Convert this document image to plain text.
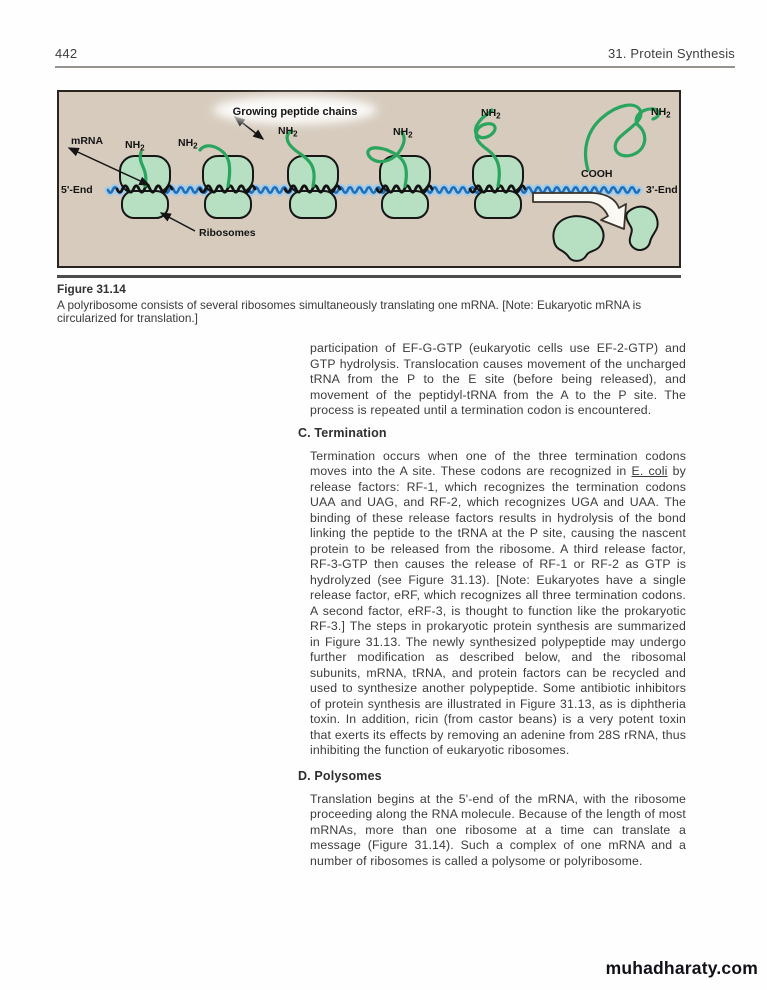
442	31. Protein Synthesis
Growing peptide chains
mRNA
5'-End	3'-End
Ribosomes
COOH
$NH_2$	$NH_2$
$NH_2$	$NH_2$
$NH_2$	$NH_2$
Figure 31.14
A polyribosome consists of several ribosomes simultaneously translating one mRNA. [Note: Eukaryotic mRNA is circularized for translation.]

participation of EF-G-GTP (eukaryotic cells use EF-2-GTP) and GTP hydrolysis. Translocation causes movement of the uncharged tRNA from the P to the E site (before being released), and movement of the peptidyl-tRNA from the A to the P site. The process is repeated until a termination codon is encountered.

C. Termination

Termination occurs when one of the three termination codons moves into the A site. These codons are recognized in E. coli by release factors: RF-1, which recognizes the termination codons UAA and UAG, and RF-2, which recognizes UGA and UAA. The binding of these release factors results in hydrolysis of the bond linking the peptide to the tRNA at the P site, causing the nascent protein to be released from the ribosome. A third release factor, RF-3-GTP then causes the release of RF-1 or RF-2 as GTP is hydrolyzed (see Figure 31.13). [Note: Eukaryotes have a single release factor, eRF, which recognizes all three termination codons. A second factor, eRF-3, is thought to function like the prokaryotic RF-3.] The steps in prokaryotic protein synthesis are summarized in Figure 31.13. The newly synthesized polypeptide may undergo further modification as described below, and the ribosomal subunits, mRNA, tRNA, and protein factors can be recycled and used to synthesize another polypeptide. Some antibiotic inhibitors of protein synthesis are illustrated in Figure 31.13, as is diphtheria toxin. In addition, ricin (from castor beans) is a very potent toxin that exerts its effects by removing an adenine from 28S rRNA, thus inhibiting the function of eukaryotic ribosomes.

D. Polysomes

Translation begins at the 5'-end of the mRNA, with the ribosome proceeding along the RNA molecule. Because of the length of most mRNAs, more than one ribosome at a time can translate a message (Figure 31.14). Such a complex of one mRNA and a number of ribosomes is called a polysome or polyribosome.

muhadharaty.com
